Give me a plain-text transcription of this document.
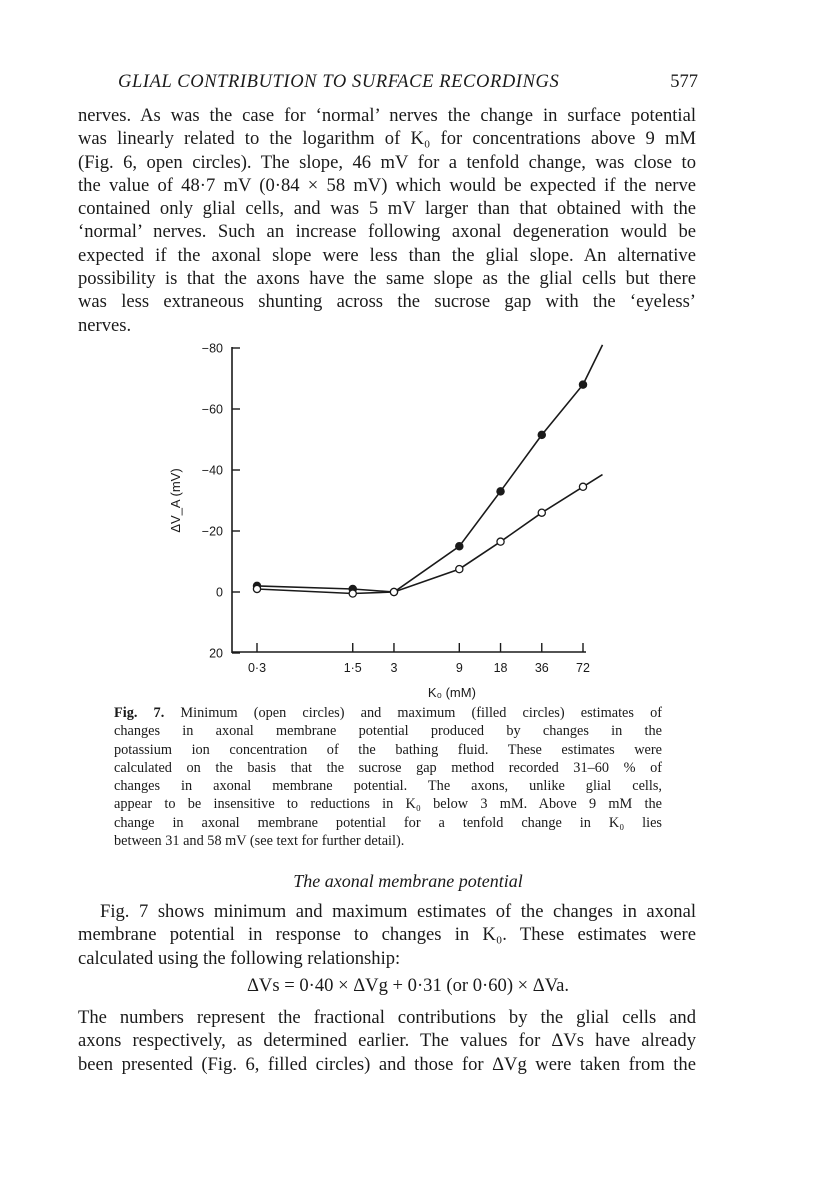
GLIAL CONTRIBUTION TO SURFACE RECORDINGS	577
nerves. As was the case for ‘normal’ nerves the change in surface potential
was linearly related to the logarithm of K₀ for concentrations above 9 mM
(Fig. 6, open circles). The slope, 46 mV for a tenfold change, was close to
the value of 48·7 mV (0·84 × 58 mV) which would be expected if the nerve
contained only glial cells, and was 5 mV larger than that obtained with the
‘normal’ nerves. Such an increase following axonal degeneration would be
expected if the axonal slope were less than the glial slope. An alternative
possibility is that the axons have the same slope as the glial cells but there
was less extraneous shunting across the sucrose gap with the ‘eyeless’
nerves.
−80
−60
−40
−20
0
20
0·3	1·5 3	9 18 36 72
K₀ (mM)
ΔV_A (mV)
Fig. 7. Minimum (open circles) and maximum (filled circles) estimates of
changes in axonal membrane potential produced by changes in the
potassium ion concentration of the bathing fluid. These estimates were
calculated on the basis that the sucrose gap method recorded 31–60 % of
changes in axonal membrane potential. The axons, unlike glial cells,
appear to be insensitive to reductions in K₀ below 3 mM. Above 9 mM the
change in axonal membrane potential for a tenfold change in K₀ lies
between 31 and 58 mV (see text for further detail).
The axonal membrane potential
Fig. 7 shows minimum and maximum estimates of the changes in axonal
membrane potential in response to changes in K₀. These estimates were
calculated using the following relationship:
ΔVs = 0·40 × ΔVg + 0·31 (or 0·60) × ΔVa.
The numbers represent the fractional contributions by the glial cells and
axons respectively, as determined earlier. The values for ΔVs have already
been presented (Fig. 6, filled circles) and those for ΔVg were taken from the
